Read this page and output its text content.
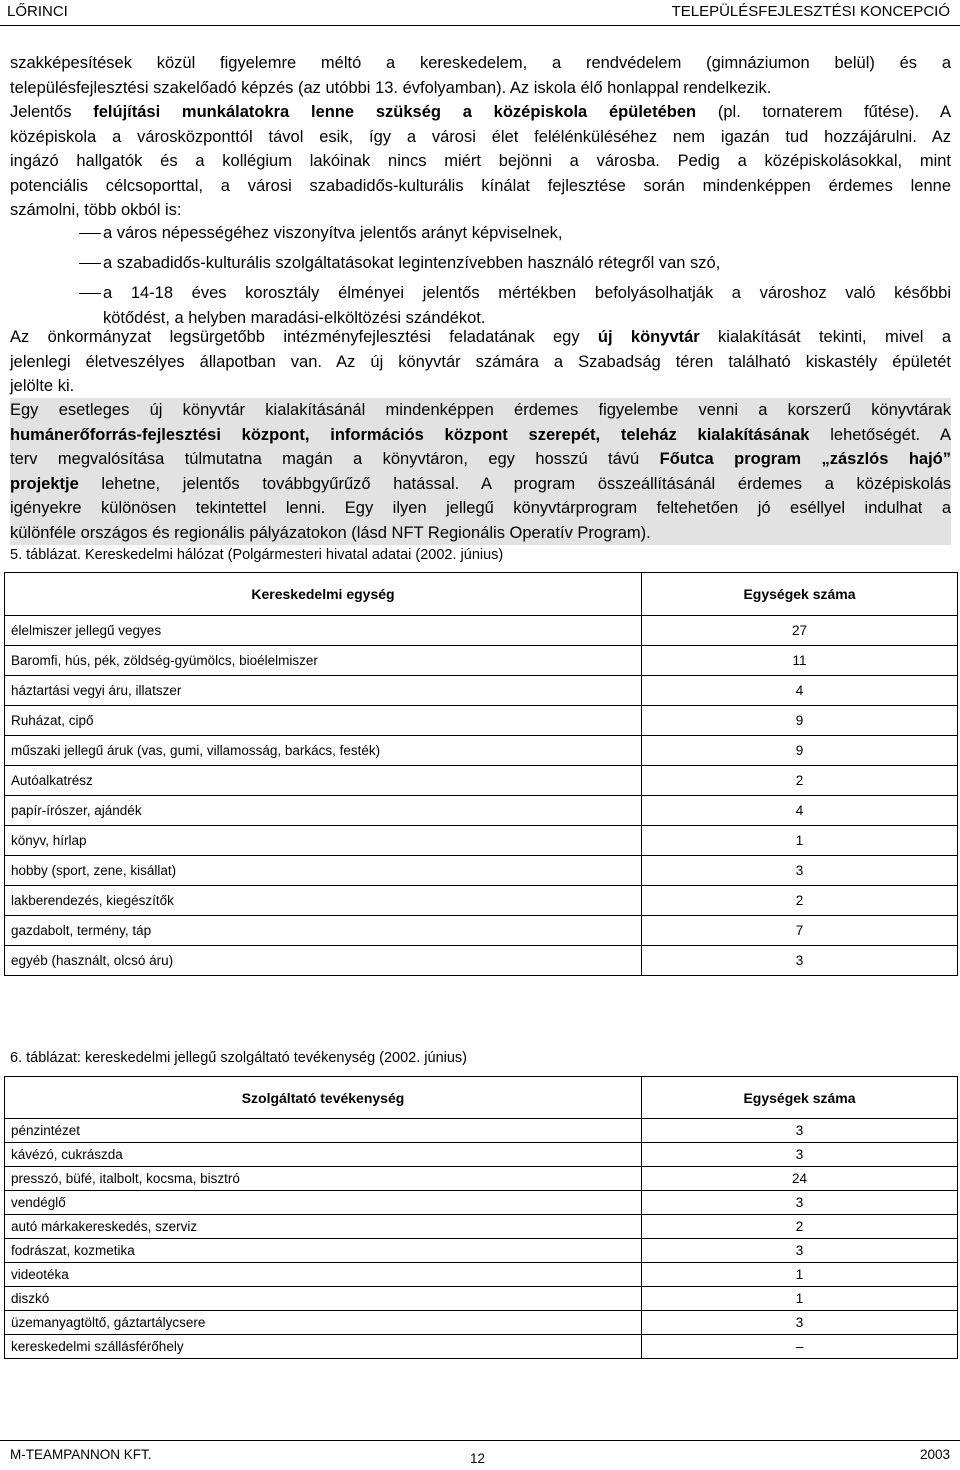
LŐRINCI	TELEPÜLÉSFEJLESZTÉSI KONCEPCIÓ
szakképesítések közül figyelemre méltó a kereskedelem, a rendvédelem (gimnáziumon belül) és a
településfejlesztési szakelőadó képzés (az utóbbi 13. évfolyamban). Az iskola élő honlappal rendelkezik.
Jelentős felújítási munkálatokra lenne szükség a középiskola épületében (pl. tornaterem fűtése). A
középiskola a városközponttól távol esik, így a városi élet felélénküléséhez nem igazán tud hozzájárulni. Az
ingázó hallgatók és a kollégium lakóinak nincs miért bejönni a városba. Pedig a középiskolásokkal, mint
potenciális célcsoporttal, a városi szabadidős-kulturális kínálat fejlesztése során mindenképpen érdemes lenne
számolni, több okból is:
a város népességéhez viszonyítva jelentős arányt képviselnek,
a szabadidős-kulturális szolgáltatásokat legintenzívebben használó rétegről van szó,
a 14-18 éves korosztály élményei jelentős mértékben befolyásolhatják a városhoz való későbbi
kötődést, a helyben maradási-elköltözési szándékot.
Az önkormányzat legsürgetőbb intézményfejlesztési feladatának egy új könyvtár kialakítását tekinti, mivel a
jelenlegi életveszélyes állapotban van. Az új könyvtár számára a Szabadság téren található kiskastély épületét
jelölte ki.
Egy esetleges új könyvtár kialakításánál mindenképpen érdemes figyelembe venni a korszerű könyvtárak
humánerőforrás-fejlesztési központ, információs központ szerepét, teleház kialakításának lehetőségét. A
terv megvalósítása túlmutatna magán a könyvtáron, egy hosszú távú Főutca program „zászlós hajó”
projektje lehetne, jelentős továbbgyűrűző hatással. A program összeállításánál érdemes a középiskolás
igényekre különösen tekintettel lenni. Egy ilyen jellegű könyvtárprogram feltehetően jó eséllyel indulhat a
különféle országos és regionális pályázatokon (lásd NFT Regionális Operatív Program).
5. táblázat. Kereskedelmi hálózat (Polgármesteri hivatal adatai (2002. június)
Kereskedelmi egység	Egységek száma
élelmiszer jellegű vegyes	27
Baromfi, hús, pék, zöldség-gyümölcs, bioélelmiszer	11
háztartási vegyi áru, illatszer	4
Ruházat, cipő	9
műszaki jellegű áruk (vas, gumi, villamosság, barkács, festék)	9
Autóalkatrész	2
papír-írószer, ajándék	4
könyv, hírlap	1
hobby (sport, zene, kisállat)	3
lakberendezés, kiegészítők	2
gazdabolt, termény, táp	7
egyéb (használt, olcsó áru)	3
6. táblázat: kereskedelmi jellegű szolgáltató tevékenység (2002. június)
Szolgáltató tevékenység	Egységek száma
pénzintézet	3
kávézó, cukrászda	3
presszó, büfé, italbolt, kocsma, bisztró	24
vendéglő	3
autó márkakereskedés, szerviz	2
fodrászat, kozmetika	3
videotéka	1
diszkó	1
üzemanyagtöltő, gáztartálycsere	3
kereskedelmi szállásférőhely	–
M-TEAMPANNON KFT.	12	2003
